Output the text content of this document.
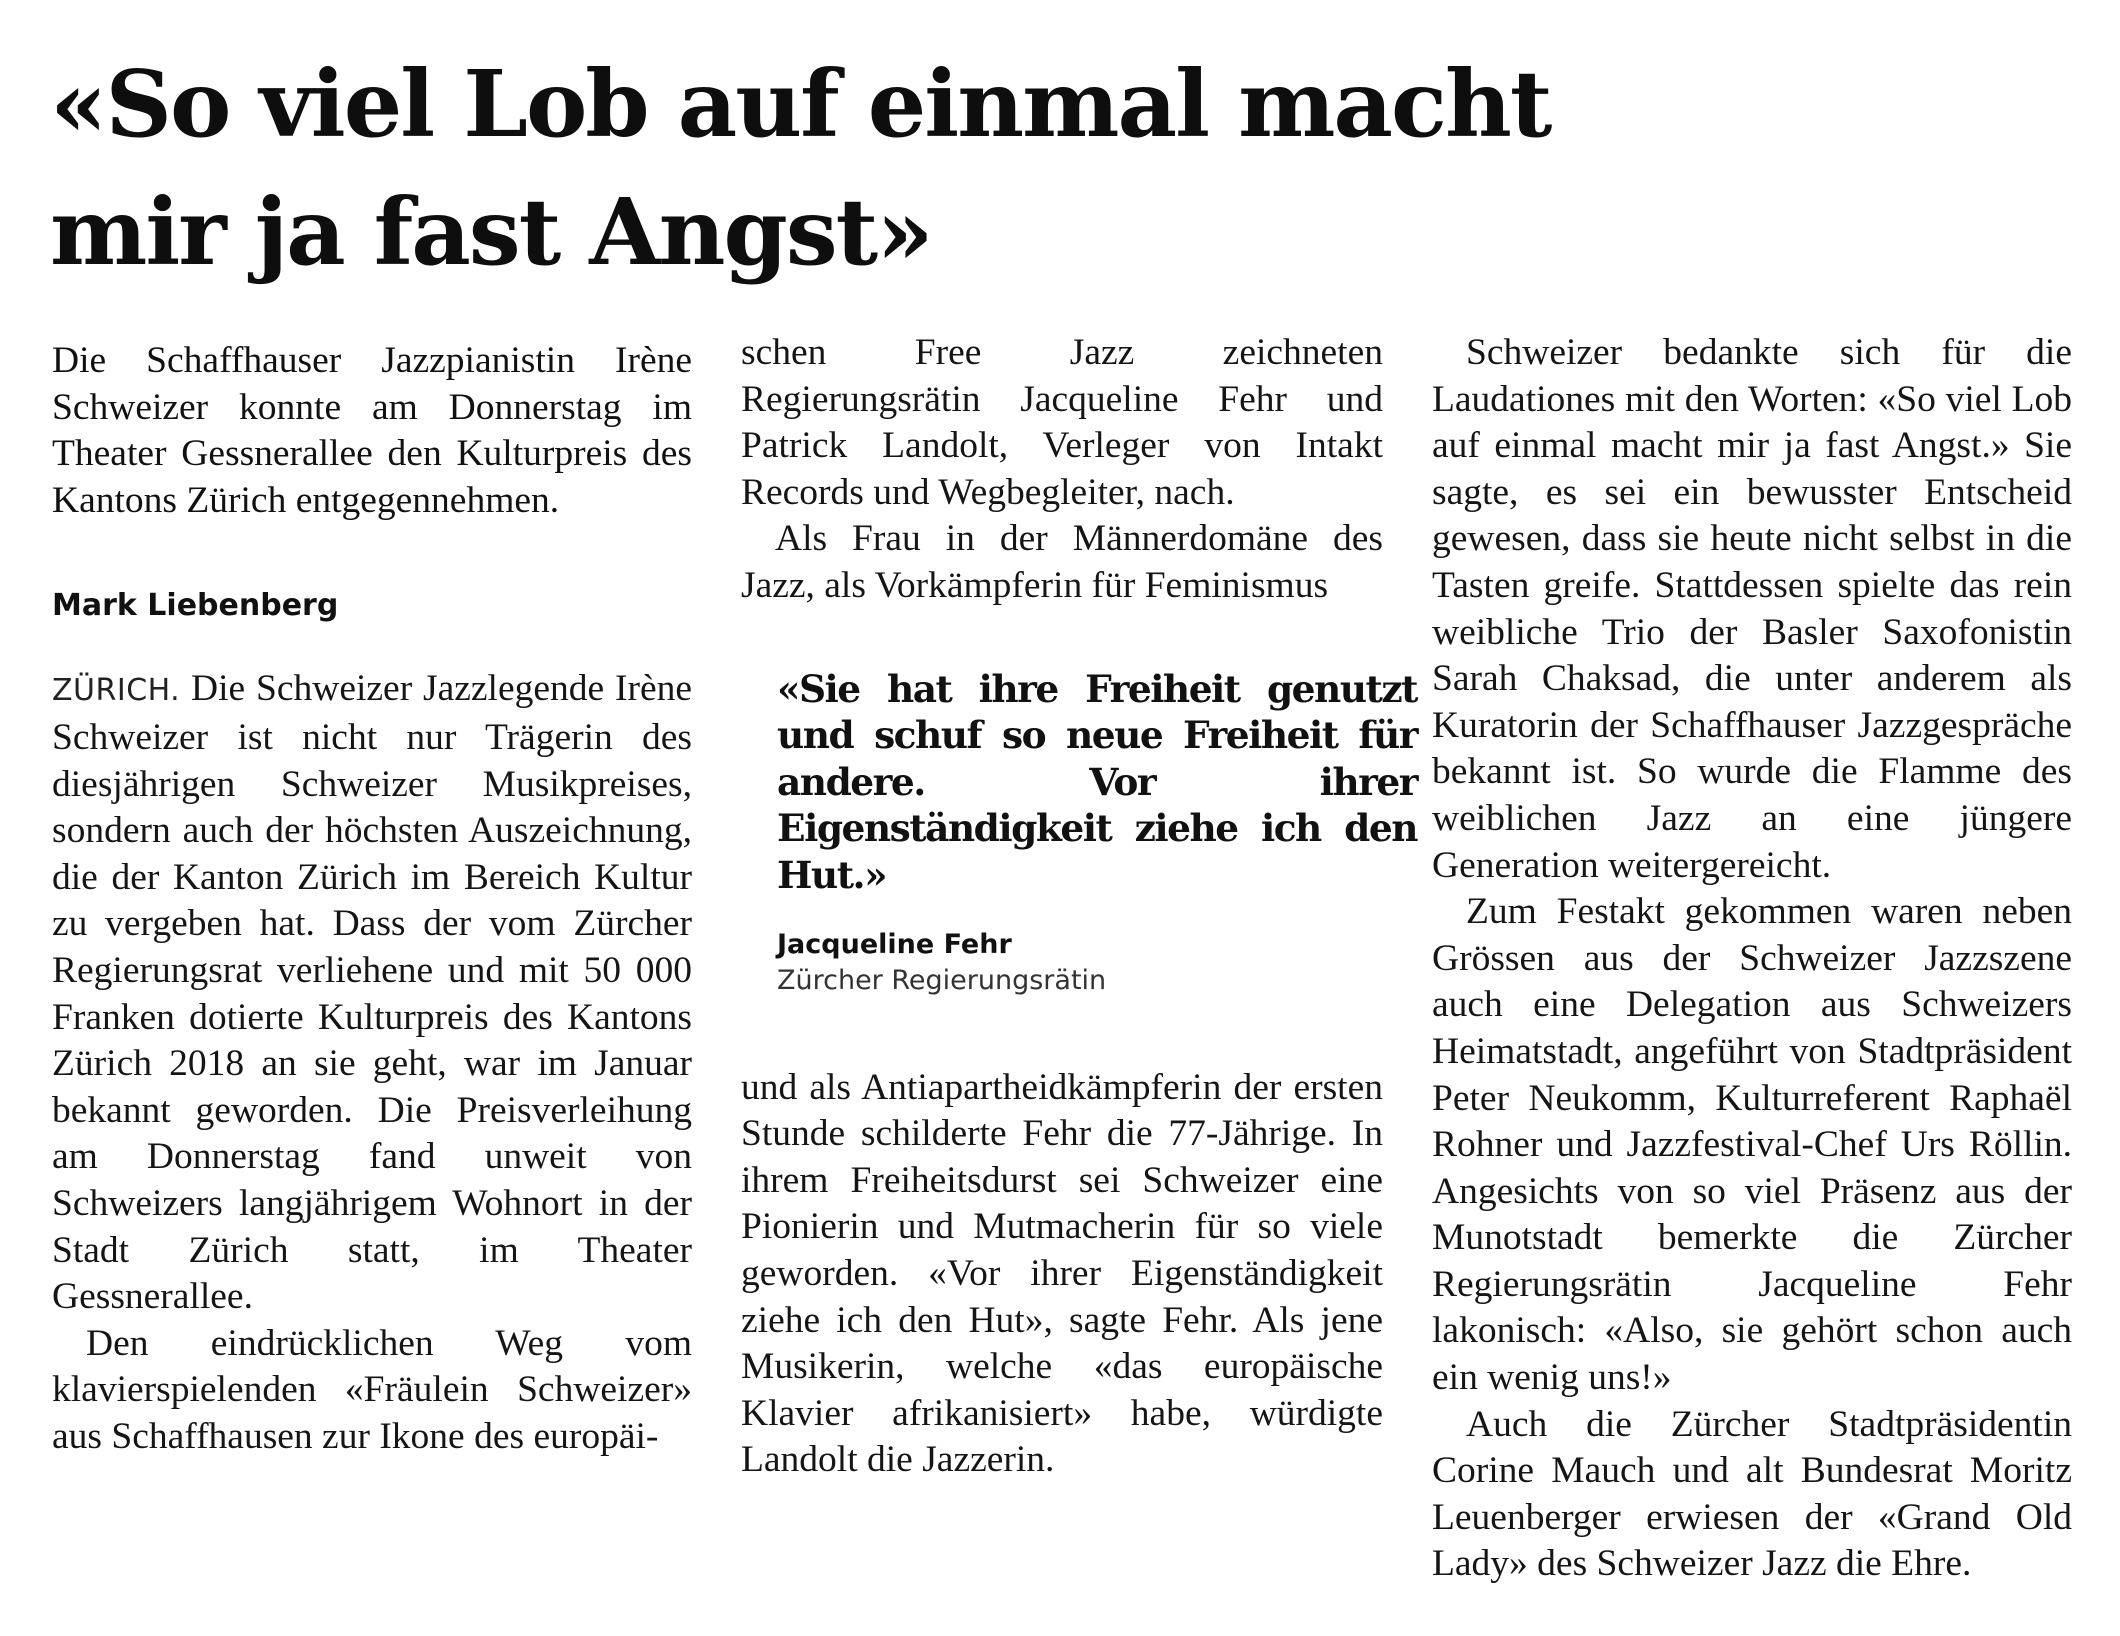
«So viel Lob auf einmal macht mir ja fast Angst»

Die Schaffhauser Jazzpianistin Irène Schweizer konnte am Donnerstag im Theater Gessnerallee den Kulturpreis des Kantons Zürich entgegennehmen.

Mark Liebenberg

ZÜRICH. Die Schweizer Jazzlegende Irène Schweizer ist nicht nur Trägerin des diesjährigen Schweizer Musikpreises, sondern auch der höchsten Auszeichnung, die der Kanton Zürich im Bereich Kultur zu vergeben hat. Dass der vom Zürcher Regierungsrat verliehene und mit 50 000 Franken dotierte Kulturpreis des Kantons Zürich 2018 an sie geht, war im Januar bekannt geworden. Die Preisverleihung am Donnerstag fand unweit von Schweizers langjährigem Wohnort in der Stadt Zürich statt, im Theater Gessnerallee.

Den eindrücklichen Weg vom klavierspielenden «Fräulein Schweizer» aus Schaffhausen zur Ikone des europäi-

schen Free Jazz zeichneten Regierungsrätin Jacqueline Fehr und Patrick Landolt, Verleger von Intakt Records und Wegbegleiter, nach.

Als Frau in der Männerdomäne des Jazz, als Vorkämpferin für Feminismus

«Sie hat ihre Freiheit genutzt und schuf so neue Freiheit für andere. Vor ihrer Eigenständigkeit ziehe ich den Hut.»

Jacqueline Fehr
Zürcher Regierungsrätin

und als Antiapartheidkämpferin der ersten Stunde schilderte Fehr die 77-Jährige. In ihrem Freiheitsdurst sei Schweizer eine Pionierin und Mutmacherin für so viele geworden. «Vor ihrer Eigenständigkeit ziehe ich den Hut», sagte Fehr. Als jene Musikerin, welche «das europäische Klavier afrikanisiert» habe, würdigte Landolt die Jazzerin.

Schweizer bedankte sich für die Laudationes mit den Worten: «So viel Lob auf einmal macht mir ja fast Angst.» Sie sagte, es sei ein bewusster Entscheid gewesen, dass sie heute nicht selbst in die Tasten greife. Stattdessen spielte das rein weibliche Trio der Basler Saxofonistin Sarah Chaksad, die unter anderem als Kuratorin der Schaffhauser Jazzgespräche bekannt ist. So wurde die Flamme des weiblichen Jazz an eine jüngere Generation weitergereicht.

Zum Festakt gekommen waren neben Grössen aus der Schweizer Jazzszene auch eine Delegation aus Schweizers Heimatstadt, angeführt von Stadtpräsident Peter Neukomm, Kulturreferent Raphaël Rohner und Jazzfestival-Chef Urs Röllin. Angesichts von so viel Präsenz aus der Munotstadt bemerkte die Zürcher Regierungsrätin Jacqueline Fehr lakonisch: «Also, sie gehört schon auch ein wenig uns!»

Auch die Zürcher Stadtpräsidentin Corine Mauch und alt Bundesrat Moritz Leuenberger erwiesen der «Grand Old Lady» des Schweizer Jazz die Ehre.
